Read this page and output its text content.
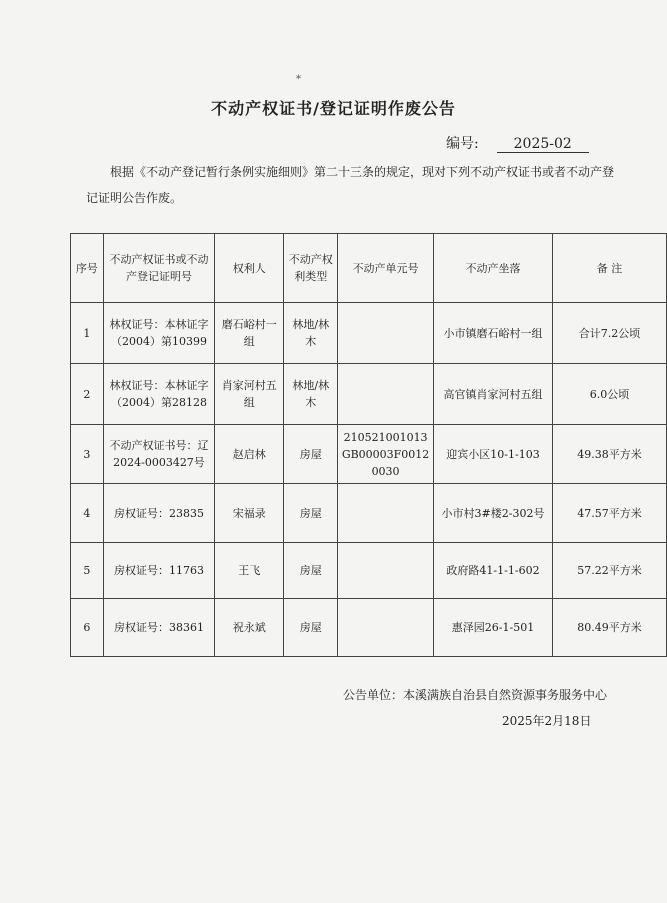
*
不动产权证书/登记证明作废公告
编号: 2025-02
根据《不动产登记暂行条例实施细则》第二十三条的规定，现对下列不动产权证书或者不动产登记证明公告作废。
序号	不动产权证书或不动产登记证明号	权利人	不动产权利类型	不动产单元号	不动产坐落	备 注
1	林权证号：本林证字（2004）第10399	磨石峪村一组	林地/林木		小市镇磨石峪村一组	合计7.2公顷
2	林权证号：本林证字（2004）第28128	肖家河村五组	林地/林木		高官镇肖家河村五组	6.0公顷
3	不动产权证书号：辽2024-0003427号	赵启林	房屋	210521001013GB00003F00120030	迎宾小区10-1-103	49.38平方米
4	房权证号：23835	宋福录	房屋		小市村3#楼2-302号	47.57平方米
5	房权证号：11763	王飞	房屋		政府路41-1-1-602	57.22平方米
6	房权证号：38361	祝永斌	房屋		惠泽园26-1-501	80.49平方米
公告单位：本溪满族自治县自然资源事务服务中心
2025年2月18日
